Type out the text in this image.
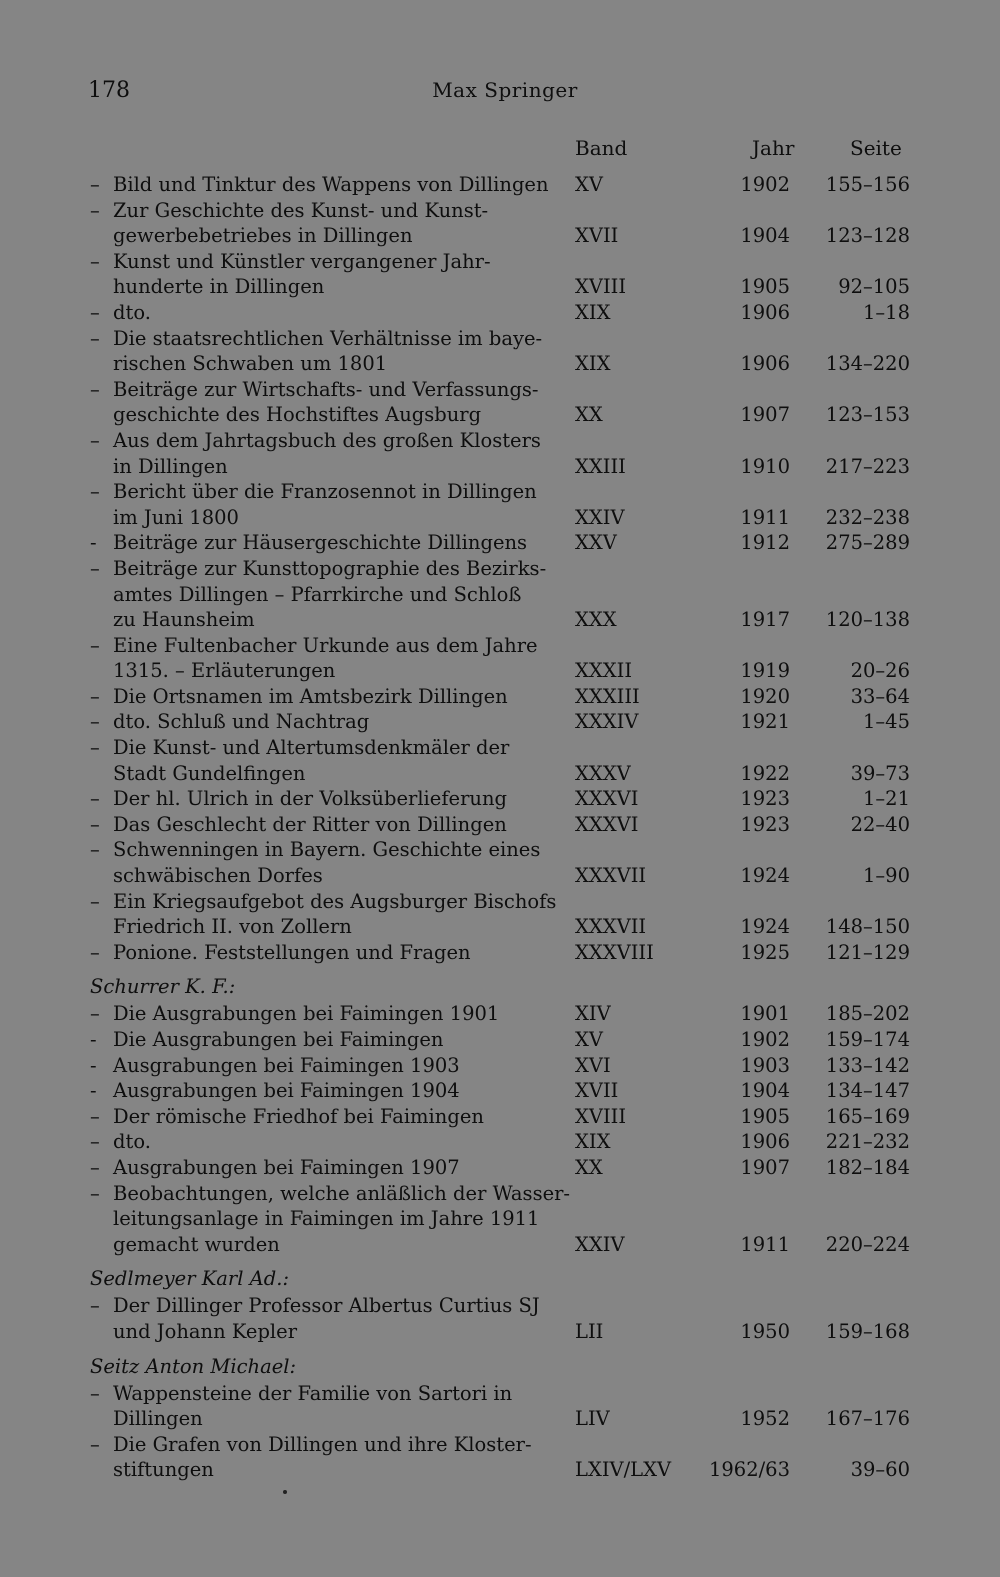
178	Max Springer
Band	Jahr	Seite
– Bild und Tinktur des Wappens von Dillingen XV	1902 155–156
– Zur Geschichte des Kunst- und Kunst-
gewerbebetriebes in Dillingen	XVII	1904 123–128
– Kunst und Künstler vergangener Jahr-
hunderte in Dillingen	XVIII	1905 92–105
– dto.	XIX	1906	1–18
– Die staatsrechtlichen Verhältnisse im baye-
rischen Schwaben um 1801	XIX	1906 134–220
– Beiträge zur Wirtschafts- und Verfassungs-
geschichte des Hochstiftes Augsburg	XX	1907 123–153
– Aus dem Jahrtagsbuch des großen Klosters
in Dillingen	XXIII	1910 217–223
– Bericht über die Franzosennot in Dillingen
im Juni 1800	XXIV	1911 232–238
- Beiträge zur Häusergeschichte Dillingens XXV	1912 275–289
– Beiträge zur Kunsttopographie des Bezirks-
amtes Dillingen – Pfarrkirche und Schloß
zu Haunsheim	XXX	1917 120–138
– Eine Fultenbacher Urkunde aus dem Jahre
1315. – Erläuterungen	XXXII	1919	20–26
– Die Ortsnamen im Amtsbezirk Dillingen	XXXIII	1920	33–64
– dto. Schluß und Nachtrag	XXXIV	1921	1–45
– Die Kunst- und Altertumsdenkmäler der
Stadt Gundelfingen	XXXV	1922	39–73
– Der hl. Ulrich in der Volksüberlieferung	XXXVI	1923	1–21
– Das Geschlecht der Ritter von Dillingen	XXXVI	1923	22–40
– Schwenningen in Bayern. Geschichte eines
schwäbischen Dorfes	XXXVII	1924	1–90
– Ein Kriegsaufgebot des Augsburger Bischofs
Friedrich II. von Zollern	XXXVII	1924 148–150
– Ponione. Feststellungen und Fragen	XXXVIII	1925 121–129
Schurrer K. F.:
– Die Ausgrabungen bei Faimingen 1901	XIV	1901 185–202
- Die Ausgrabungen bei Faimingen	XV	1902 159–174
- Ausgrabungen bei Faimingen 1903	XVI	1903 133–142
- Ausgrabungen bei Faimingen 1904	XVII	1904 134–147
– Der römische Friedhof bei Faimingen	XVIII	1905 165–169
– dto.	XIX	1906 221–232
– Ausgrabungen bei Faimingen 1907	XX	1907 182–184
– Beobachtungen, welche anläßlich der Wasser-
leitungsanlage in Faimingen im Jahre 1911
gemacht wurden	XXIV	1911 220–224
Sedlmeyer Karl Ad.:
– Der Dillinger Professor Albertus Curtius SJ
und Johann Kepler	LII	1950 159–168
Seitz Anton Michael:
– Wappensteine der Familie von Sartori in
Dillingen	LIV	1952 167–176
– Die Grafen von Dillingen und ihre Kloster-
stiftungen	LXIV/LXV 1962/63	39–60
